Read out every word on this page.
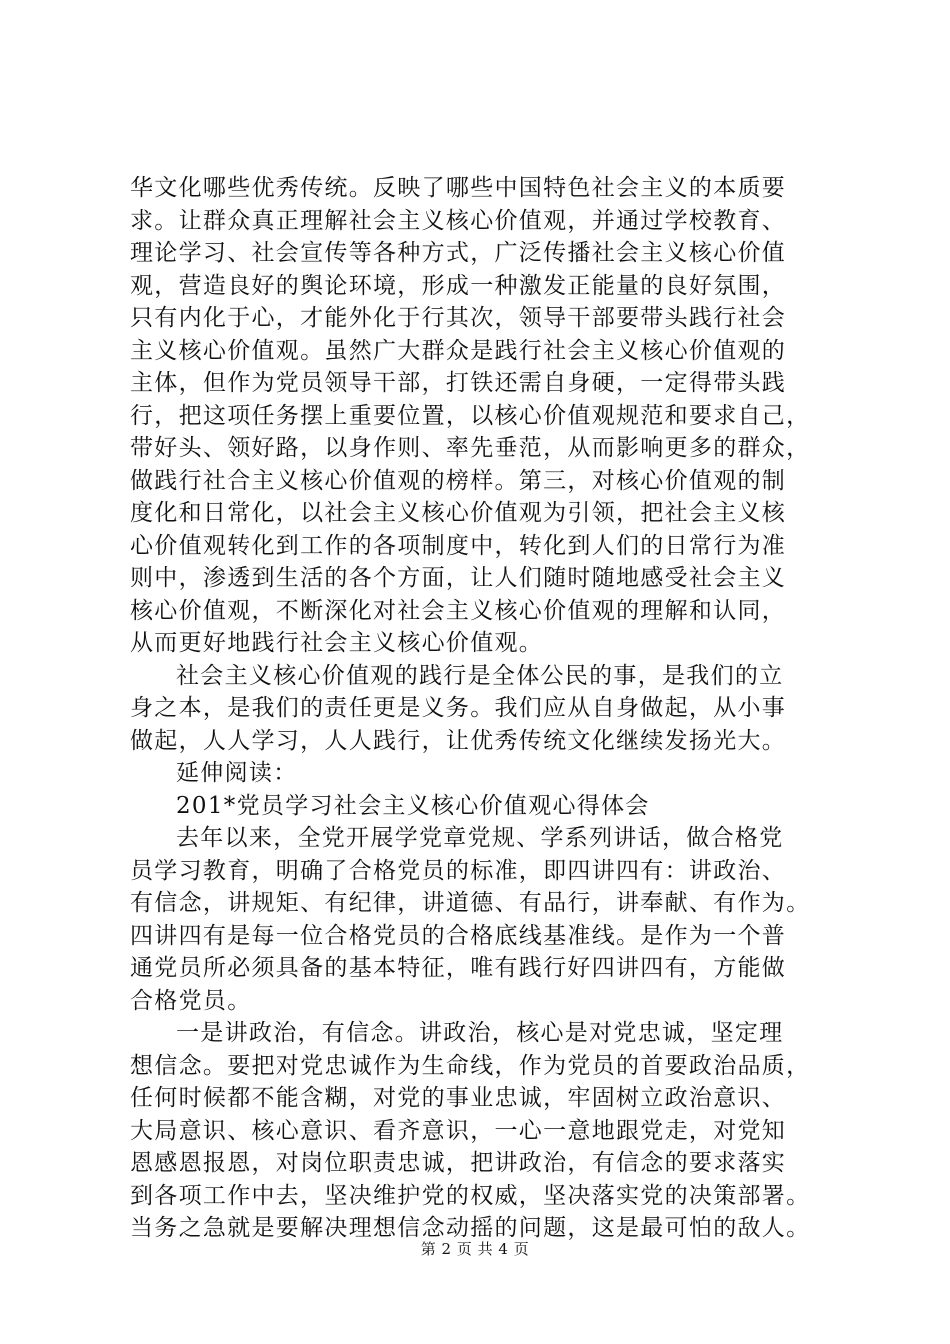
华文化哪些优秀传统。反映了哪些中国特色社会主义的本质要
求。让群众真正理解社会主义核心价值观，并通过学校教育、
理论学习、社会宣传等各种方式，广泛传播社会主义核心价值
观，营造良好的舆论环境，形成一种激发正能量的良好氛围，
只有内化于心，才能外化于行其次，领导干部要带头践行社会
主义核心价值观。虽然广大群众是践行社会主义核心价值观的
主体，但作为党员领导干部，打铁还需自身硬，一定得带头践
行，把这项任务摆上重要位置，以核心价值观规范和要求自己，
带好头、领好路，以身作则、率先垂范，从而影响更多的群众，
做践行社合主义核心价值观的榜样。第三，对核心价值观的制
度化和日常化，以社会主义核心价值观为引领，把社会主义核
心价值观转化到工作的各项制度中，转化到人们的日常行为准
则中，渗透到生活的各个方面，让人们随时随地感受社会主义
核心价值观，不断深化对社会主义核心价值观的理解和认同，
从而更好地践行社会主义核心价值观。
社会主义核心价值观的践行是全体公民的事，是我们的立
身之本，是我们的责任更是义务。我们应从自身做起，从小事
做起，人人学习，人人践行，让优秀传统文化继续发扬光大。
延伸阅读：
201*党员学习社会主义核心价值观心得体会
去年以来，全党开展学党章党规、学系列讲话，做合格党
员学习教育，明确了合格党员的标准，即四讲四有：讲政治、
有信念，讲规矩、有纪律，讲道德、有品行，讲奉献、有作为。
四讲四有是每一位合格党员的合格底线基准线。是作为一个普
通党员所必须具备的基本特征，唯有践行好四讲四有，方能做
合格党员。
一是讲政治，有信念。讲政治，核心是对党忠诚，坚定理
想信念。要把对党忠诚作为生命线，作为党员的首要政治品质，
任何时候都不能含糊，对党的事业忠诚，牢固树立政治意识、
大局意识、核心意识、看齐意识，一心一意地跟党走，对党知
恩感恩报恩，对岗位职责忠诚，把讲政治，有信念的要求落实
到各项工作中去，坚决维护党的权威，坚决落实党的决策部署。
当务之急就是要解决理想信念动摇的问题，这是最可怕的敌人。
第 2 页 共 4 页
